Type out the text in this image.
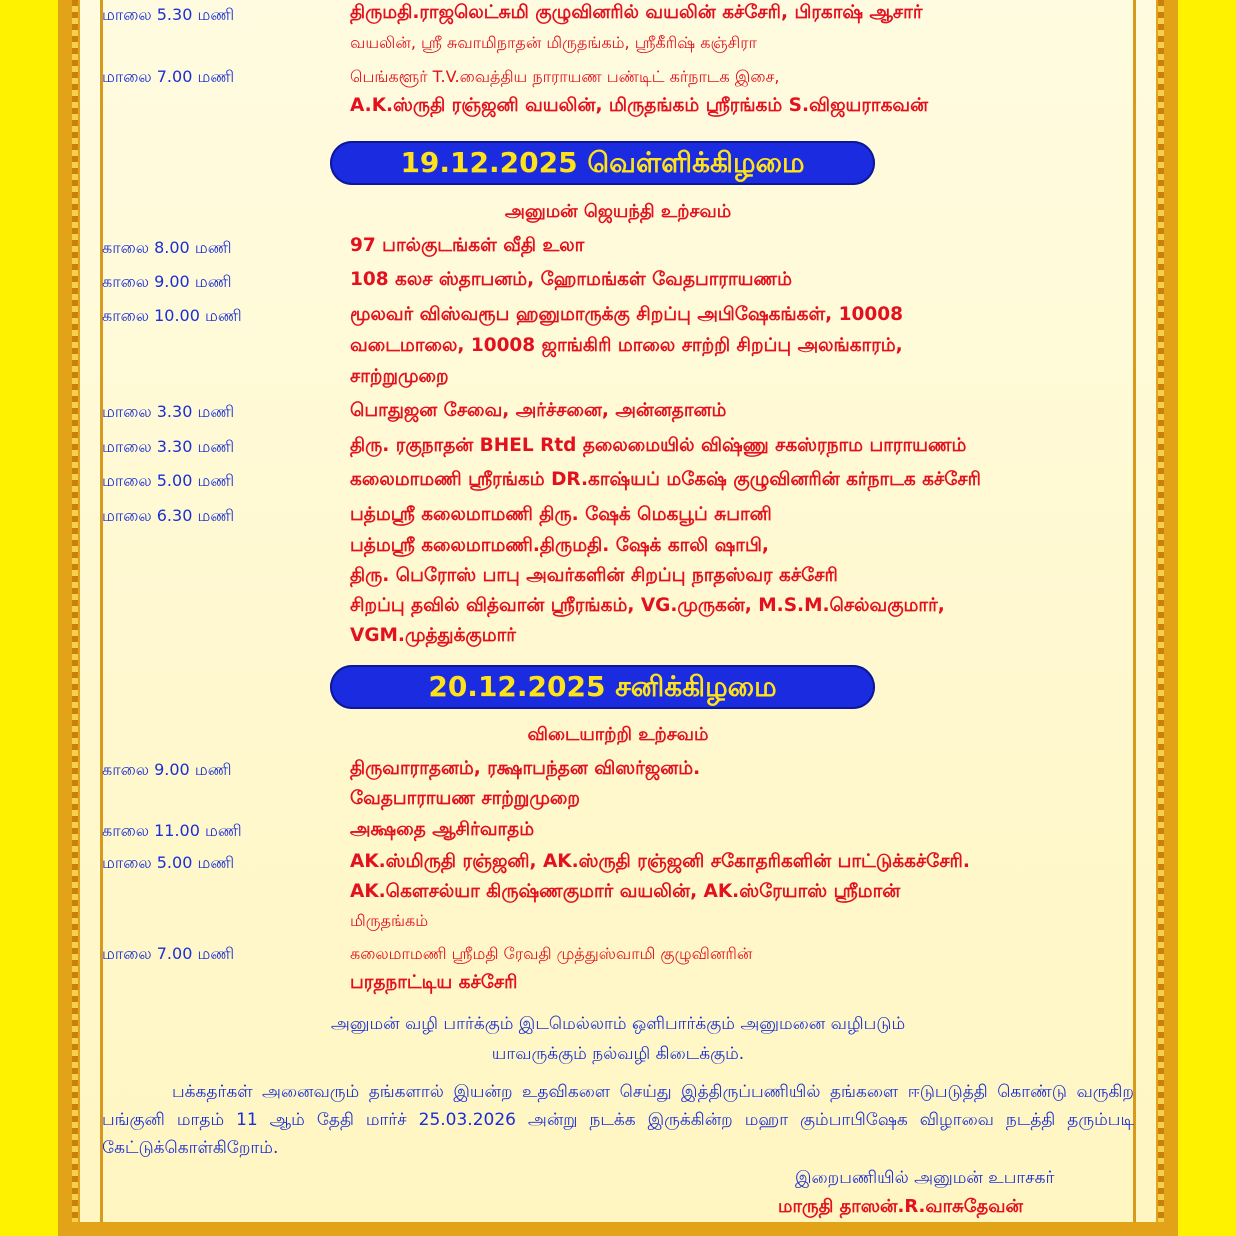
மாலை 5.30 மணி	திருமதி.ராஜலெட்சுமி குழுவினரில் வயலின் கச்சேரி, பிரகாஷ் ஆசார்
வயலின், ஸ்ரீ சுவாமிநாதன் மிருதங்கம், ஸ்ரீகீரிஷ் கஞ்சிரா
மாலை 7.00 மணி	பெங்களூர் T.V.வைத்திய நாராயண பண்டிட் கர்நாடக இசை,
A.K.ஸ்ருதி ரஞ்ஜனி வயலின், மிருதங்கம் ஸ்ரீரங்கம் S.விஜயராகவன்
19.12.2025 வெள்ளிக்கிழமை
அனுமன் ஜெயந்தி உற்சவம்
காலை 8.00 மணி	97 பால்குடங்கள் வீதி உலா
காலை 9.00 மணி	108 கலச ஸ்தாபனம், ஹோமங்கள் வேதபாராயணம்
காலை 10.00 மணி	மூலவர் விஸ்வரூப ஹனுமாருக்கு சிறப்பு அபிஷேகங்கள், 10008
வடைமாலை, 10008 ஜாங்கிரி மாலை சாற்றி சிறப்பு அலங்காரம்,
சாற்றுமுறை
மாலை 3.30 மணி	பொதுஜன சேவை, அர்ச்சனை, அன்னதானம்
மாலை 3.30 மணி	திரு. ரகுநாதன் BHEL Rtd தலைமையில் விஷ்ணு சகஸ்ரநாம பாராயணம்
மாலை 5.00 மணி	கலைமாமணி ஸ்ரீரங்கம் DR.காஷ்யப் மகேஷ் குழுவினரின் கர்நாடக கச்சேரி
மாலை 6.30 மணி	பத்மஸ்ரீ கலைமாமணி திரு. ஷேக் மெகபூப் சுபானி
பத்மஸ்ரீ கலைமாமணி.திருமதி. ஷேக் காலி ஷாபி,
திரு. பெரோஸ் பாபு அவர்களின் சிறப்பு நாதஸ்வர கச்சேரி
சிறப்பு தவில் வித்வான் ஸ்ரீரங்கம், VG.முருகன், M.S.M.செல்வகுமார்,
VGM.முத்துக்குமார்
20.12.2025 சனிக்கிழமை
விடையாற்றி உற்சவம்
காலை 9.00 மணி	திருவாராதனம், ரக்ஷாபந்தன விஸர்ஜனம்.
வேதபாராயண சாற்றுமுறை
காலை 11.00 மணி	அக்ஷதை ஆசிர்வாதம்
மாலை 5.00 மணி	AK.ஸ்மிருதி ரஞ்ஜனி, AK.ஸ்ருதி ரஞ்ஜனி சகோதரிகளின் பாட்டுக்கச்சேரி.
AK.கௌசல்யா கிருஷ்ணகுமார் வயலின், AK.ஸ்ரேயாஸ் ஸ்ரீமான்
மிருதங்கம்
மாலை 7.00 மணி	கலைமாமணி ஸ்ரீமதி ரேவதி முத்துஸ்வாமி குழுவினரின்
பரதநாட்டிய கச்சேரி
அனுமன் வழி பார்க்கும் இடமெல்லாம் ஒளிபார்க்கும் அனுமனை வழிபடும்
யாவருக்கும் நல்வழி கிடைக்கும்.
பக்கதர்கள் அனைவரும் தங்களால் இயன்ற உதவிகளை செய்து இத்திருப்பணியில் தங்களை ஈடுபடுத்தி கொண்டு வருகிற பங்குனி மாதம் 11 ஆம் தேதி மார்ச் 25.03.2026 அன்று நடக்க இருக்கின்ற மஹா கும்பாபிஷேக விழாவை நடத்தி தரும்படி கேட்டுக்கொள்கிறோம்.
இறைபணியில் அனுமன் உபாசகர்
மாருதி தாஸன்.R.வாசுதேவன்
